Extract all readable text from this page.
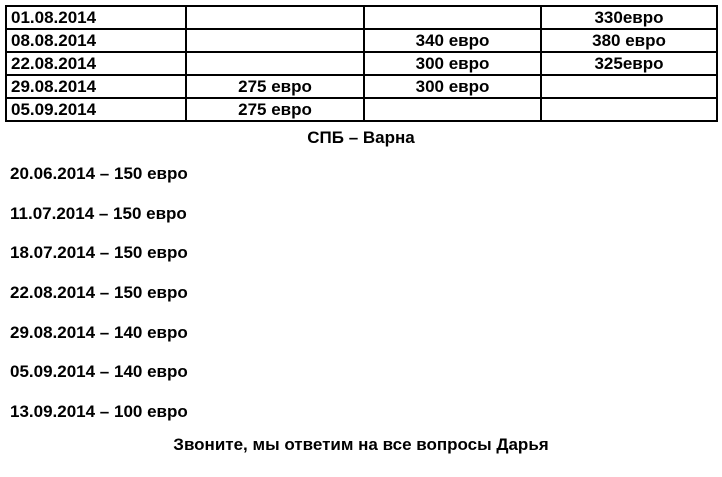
01.08.2014			330евро
08.08.2014		340 евро	380 евро
22.08.2014		300 евро	325евро
29.08.2014	275 евро	300 евро	
05.09.2014	275 евро		
СПБ – Варна
20.06.2014 – 150 евро
11.07.2014 – 150 евро
18.07.2014 – 150 евро
22.08.2014 – 150 евро
29.08.2014 – 140 евро
05.09.2014 – 140 евро
13.09.2014 – 100 евро
Звоните, мы ответим на все вопросы Дарья
